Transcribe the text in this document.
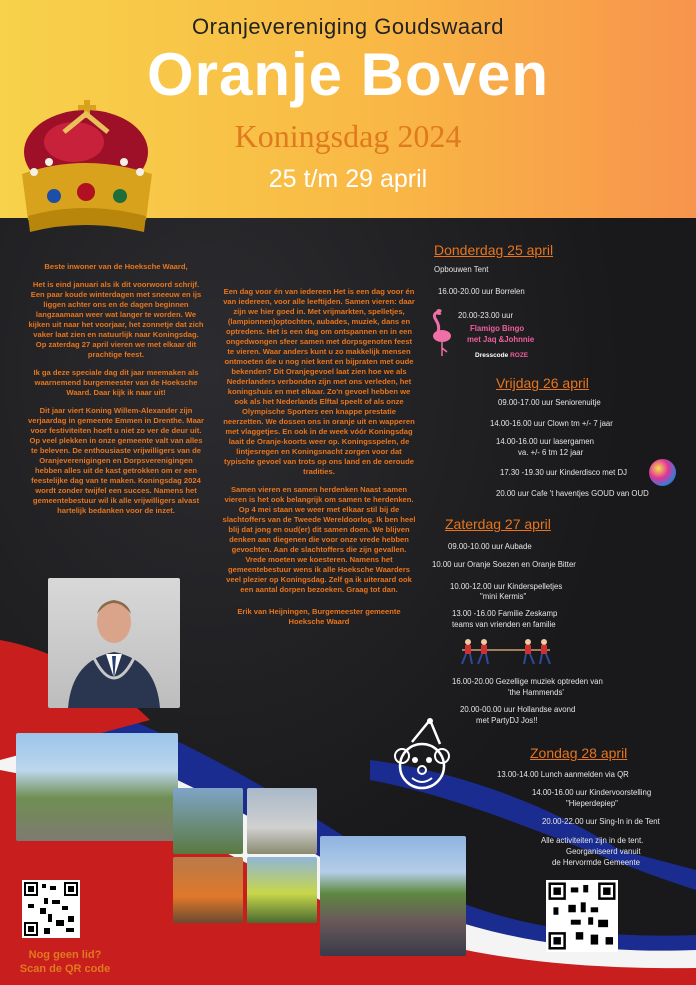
Oranjevereniging Goudswaard
Oranje Boven
Koningsdag 2024
25 t/m 29 april

Beste inwoner van de Hoeksche Waard,

Het is eind januari als ik dit voorwoord schrijf. Een paar koude winterdagen met sneeuw en ijs liggen achter ons en de dagen beginnen langzaamaan weer wat langer te worden. We kijken uit naar het voorjaar, het zonnetje dat zich vaker laat zien en natuurlijk naar Koningsdag. Op zaterdag 27 april vieren we met elkaar dit prachtige feest.

Ik ga deze speciale dag dit jaar meemaken als waarnemend burgemeester van de Hoeksche Waard. Daar kijk ik naar uit!

Dit jaar viert Koning Willem-Alexander zijn verjaardag in gemeente Emmen in Drenthe. Maar voor festiviteiten hoeft u niet zo ver de deur uit. Op veel plekken in onze gemeente valt van alles te beleven. De enthousiaste vrijwilligers van de Oranjeverenigingen en Dorpsverenigingen hebben alles uit de kast getrokken om er een feestelijke dag van te maken. Koningsdag 2024 wordt zonder twijfel een succes. Namens het gemeentebestuur wil ik alle vrijwilligers alvast hartelijk bedanken voor de inzet.

Een dag voor én van iedereen Het is een dag voor én van iedereen, voor alle leeftijden. Samen vieren: daar zijn we hier goed in. Met vrijmarkten, spelletjes, (lampionnen)optochten, aubades, muziek, dans en optredens. Het is een dag om ontspannen en in een ongedwongen sfeer samen met dorpsgenoten feest te vieren. Waar anders kunt u zo makkelijk mensen ontmoeten die u nog niet kent en bijpraten met oude bekenden? Dit Oranjegevoel laat zien hoe we als Nederlanders verbonden zijn met ons verleden, het koningshuis en met elkaar. Zo'n gevoel hebben we ook als het Nederlands Elftal speelt of als onze Olympische Sporters een knappe prestatie neerzetten. We dossen ons in oranje uit en wapperen met vlaggetjes. En ook in de week vóór Koningsdag laait de Oranje-koorts weer op. Koningsspelen, de lintjesregen en Koningsnacht zorgen voor dat typische gevoel van trots op ons land en de oeroude tradities.

Samen vieren en samen herdenken Naast samen vieren is het ook belangrijk om samen te herdenken. Op 4 mei staan we weer met elkaar stil bij de slachtoffers van de Tweede Wereldoorlog. Ik ben heel blij dat jong en oud(er) dit samen doen. We blijven denken aan diegenen die voor onze vrede hebben gevochten. Aan de slachtoffers die zijn gevallen. Vrede moeten we koesteren. Namens het gemeentebestuur wens ik alle Hoeksche Waarders veel plezier op Koningsdag. Zelf ga ik uiteraard ook een aantal dorpen bezoeken. Graag tot dan.

Erik van Heijningen, Burgemeester gemeente Hoeksche Waard

Nog geen lid?
Scan de QR code
Donderdag 25 april
Opbouwen Tent
16.00-20.00 uur Borrelen
20.00-23.00 uur
Flamigo Bingo
met Jaq &Johnnie
Dresscode ROZE
Vrijdag 26 april
09.00-17.00 uur Seniorenuitje
14.00-16.00 uur Clown tm +/- 7 jaar
14.00-16.00 uur lasergamen
va. +/- 6 tm 12 jaar
17.30 -19.30 uur Kinderdisco met DJ
20.00 uur Cafe 't haventjes GOUD van OUD
Zaterdag 27 april
09.00-10.00 uur Aubade
10.00 uur Oranje Soezen en Oranje Bitter
10.00-12.00 uur Kinderspelletjes
"mini Kermis"
13.00 -16.00 Familie Zeskamp
teams van vrienden en familie
16.00-20.00 Gezellige muziek optreden van
'the Hammends'
20.00-00.00 uur Hollandse avond
met PartyDJ Jos!!
Zondag 28 april
13.00-14.00 Lunch aanmelden via QR
14.00-16.00 uur Kindervoorstelling
"Hieperdepiep"
20.00-22.00 uur Sing-In in de Tent
Alle activiteiten zijn in de tent.
Georganiseerd vanuit
de Hervormde Gemeente
